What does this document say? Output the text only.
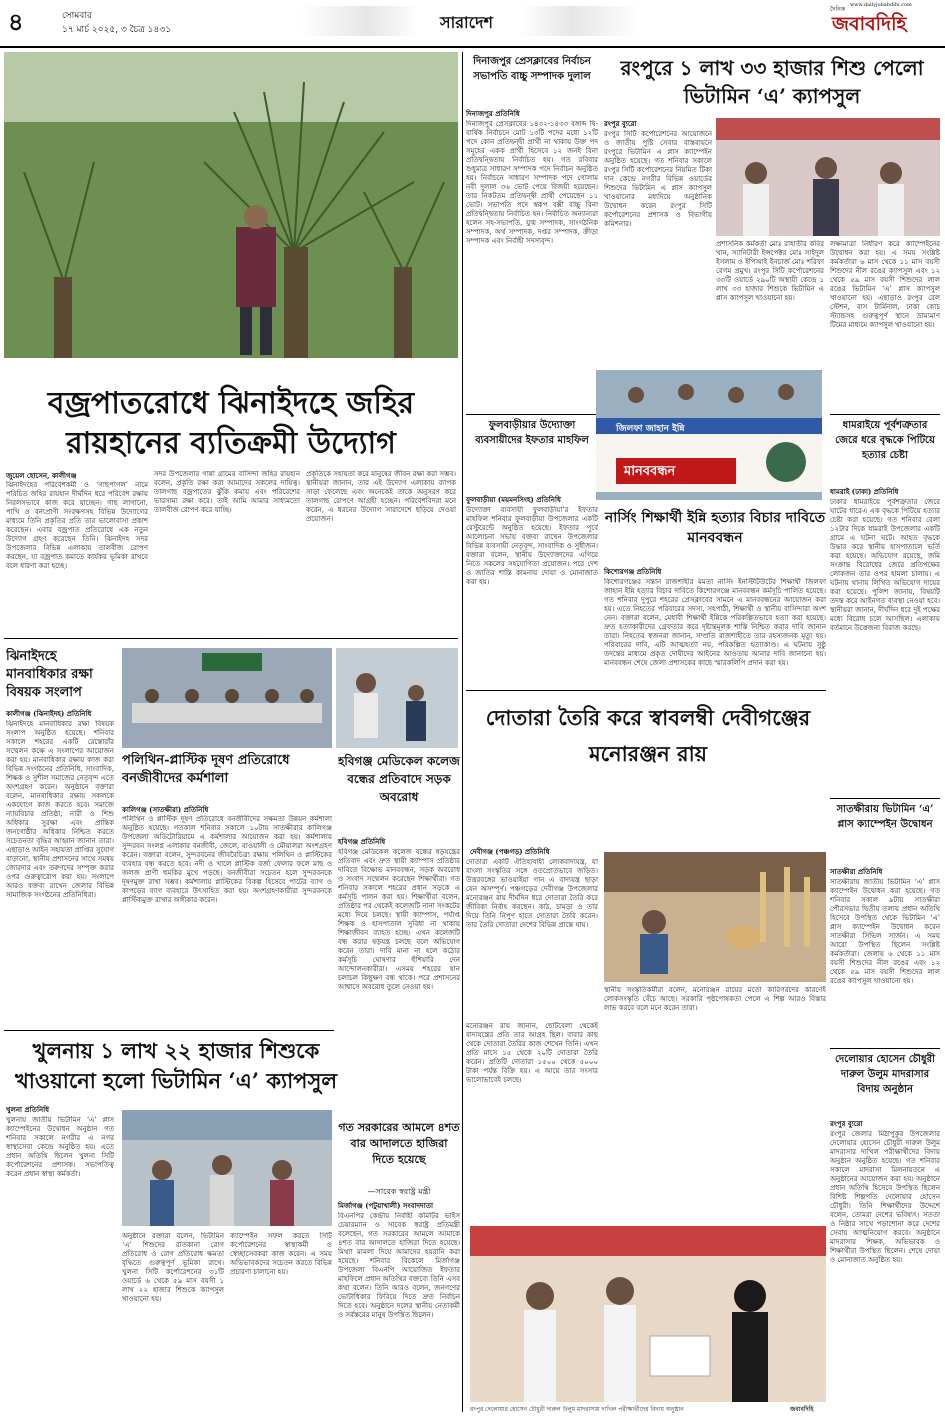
৪	সোমবার
১৭ মার্চ ২০২৫, ৩ চৈত্র ১৪৩১	সারাদেশ
দৈনিক
জবাবদিহি
www.dailyjobabdihi.com
বজ্রপাতরোধে ঝিনাইদহে জহির রায়হানের ব্যতিক্রমী উদ্যোগ
জুয়েল হোসেন, কালীগঞ্জ
ঝিনাইদহের পরিবেশকর্মী ও ‘গাছপাগল’ নামে পরিচিত জহির রায়হান দীর্ঘদিন ধরে পরিবেশ রক্ষায় নিরলসভাবে কাজ করে যাচ্ছেন। গাছ লাগানো, পাখি ও বন্যপ্রাণী সংরক্ষণসহ বিভিন্ন উদ্যোগের মাধ্যমে তিনি প্রকৃতির প্রতি তার ভালোবাসা প্রকাশ করেছেন। এবার বজ্রপাত প্রতিরোধে এক নতুন উদ্যোগ গ্রহণ করেছেন তিনি। ঝিনাইদহ সদর উপজেলার বিভিন্ন এলাকায় তালবীজ রোপণ করছেন, যা বজ্রপাত কমাতে কার্যকর ভূমিকা রাখবে বলে ধারণা করা হচ্ছে।
সদর উপজেলার গান্না গ্রামের বাসিন্দা জহির রায়হান বলেন, প্রকৃতি রক্ষা করা আমাদের সকলের দায়িত্ব। তালগাছ বজ্রপাতের ঝুঁকি কমায় এবং পরিবেশের ভারসাম্য রক্ষা করে। তাই আমি আমার সাধ্যমতো তালবীজ রোপণ করে যাচ্ছি।
প্রকৃতিকে সহায়তা করে মানুষের জীবন রক্ষা করা সম্ভব। স্থানীয়রা জানান, তার এই উদ্যোগ এলাকায় ব্যাপক সাড়া ফেলেছে এবং অনেকেই তাকে অনুসরণ করে তালগাছ রোপণে আগ্রহী হচ্ছেন। পরিবেশবিদরা মনে করেন, এ ধরনের উদ্যোগ সারাদেশে ছড়িয়ে দেওয়া প্রয়োজন।
ঝিনাইদহে মানবাধিকার রক্ষা বিষয়ক সংলাপ
কালীগঞ্জ (ঝিনাইদহ) প্রতিনিধি
ঝিনাইদহে মানবাধিকার রক্ষা বিষয়ক সংলাপ অনুষ্ঠিত হয়েছে। শনিবার সকালে শহরের একটি রেস্তোরাঁর সম্মেলন কক্ষে এ সংলাপের আয়োজন করা হয়। মানবাধিকার রক্ষায় কাজ করা বিভিন্ন সংগঠনের প্রতিনিধি, সাংবাদিক, শিক্ষক ও সুশীল সমাজের নেতৃবৃন্দ এতে অংশগ্রহণ করেন। অনুষ্ঠানে বক্তারা বলেন, মানবাধিকার রক্ষায় সকলকে একযোগে কাজ করতে হবে। সমাজে ন্যায়বিচার প্রতিষ্ঠা, নারী ও শিশু অধিকার সুরক্ষা এবং প্রান্তিক জনগোষ্ঠীর অধিকার নিশ্চিত করতে সচেতনতা বৃদ্ধির আহ্বান জানান তারা। এছাড়াও আইন সহায়তা প্রাপ্তির সুযোগ বাড়ানো, স্থানীয় প্রশাসনের সাথে সমন্বয় জোরদার এবং তরুণদের সম্পৃক্ত করার ওপর গুরুত্বারোপ করা হয়। সংলাপে আরও বক্তব্য রাখেন জেলার বিভিন্ন সামাজিক সংগঠনের প্রতিনিধিরা।
পলিথিন-প্লাস্টিক দূষণ প্রতিরোধে বনজীবীদের কর্মশালা
কালিগঞ্জ (সাতক্ষীরা) প্রতিনিধি
পলিথিন ও প্লাস্টিক দূষণ প্রতিরোধে বনজীবীদের সক্ষমতা উন্নয়ন কর্মশালা অনুষ্ঠিত হয়েছে। গতকাল শনিবার সকালে ১০টায় সাতক্ষীরার কালিগঞ্জ উপজেলা অডিটোরিয়ামে এ কর্মশালার আয়োজন করা হয়। কর্মশালায় সুন্দরবন সংলগ্ন এলাকার বনজীবী, জেলে, বাওয়ালী ও মৌয়ালরা অংশগ্রহণ করেন। বক্তারা বলেন, সুন্দরবনের জীববৈচিত্র্য রক্ষায় পলিথিন ও প্লাস্টিকের ব্যবহার বন্ধ করতে হবে। নদী ও খালে প্লাস্টিক বর্জ্য ফেলার ফলে মাছ ও জলজ প্রাণী হুমকির মুখে পড়ছে। বনজীবীরা সচেতন হলে সুন্দরবনকে দূষণমুক্ত রাখা সম্ভব। কর্মশালায় প্লাস্টিকের বিকল্প হিসেবে পাটের ব্যাগ ও কাপড়ের ব্যাগ ব্যবহারে উৎসাহিত করা হয়। অংশগ্রহণকারীরা সুন্দরবনকে প্লাস্টিকমুক্ত রাখার অঙ্গীকার করেন।
হবিগঞ্জ মেডিকেল কলেজ বন্ধের প্রতিবাদে সড়ক অবরোধ
হবিগঞ্জ প্রতিনিধি
হবিগঞ্জ মেডিকেল কলেজ বন্ধের ষড়যন্ত্রের প্রতিবাদ এবং দ্রুত স্থায়ী ক্যাম্পাস প্রতিষ্ঠার দাবিতে বিক্ষোভ মানববন্ধন, সড়ক অবরোধ ও সংবাদ সম্মেলন করেছেন শিক্ষার্থীরা। গত শনিবার সকালে শহরের প্রধান সড়কে এ কর্মসূচি পালন করা হয়। শিক্ষার্থীরা বলেন, প্রতিষ্ঠার পর থেকেই কলেজটি নানা সংকটের মধ্যে দিয়ে চলছে। স্থায়ী ক্যাম্পাস, পর্যাপ্ত শিক্ষক ও হাসপাতাল সুবিধা না থাকায় শিক্ষাজীবন ব্যাহত হচ্ছে। এখন কলেজটি বন্ধ করার ষড়যন্ত্র চলছে বলে অভিযোগ করেন তারা। দাবি মানা না হলে কঠোর কর্মসূচি ঘোষণার হুঁশিয়ারি দেন আন্দোলনকারীরা। এসময় শহরের যান চলাচল কিছুক্ষণ বন্ধ থাকে। পরে প্রশাসনের আশ্বাসে অবরোধ তুলে নেওয়া হয়।
খুলনায় ১ লাখ ২২ হাজার শিশুকে খাওয়ানো হলো ভিটামিন ‘এ’ ক্যাপসুল
খুলনা প্রতিনিধি
খুলনায় জাতীয় ভিটামিন ‘এ’ প্লাস ক্যাম্পেইনের উদ্বোধন অনুষ্ঠান গত শনিবার সকালে নগরীর এ নগর স্বাস্থ্যসেবা কেন্দ্রে অনুষ্ঠিত হয়। এতে প্রধান অতিথি ছিলেন খুলনা সিটি কর্পোরেশনের প্রশাসক। সভাপতিত্ব করেন প্রধান স্বাস্থ্য কর্মকর্তা।
অনুষ্ঠানে বক্তারা বলেন, ভিটামিন ‘এ’ শিশুদের রাতকানা রোগ প্রতিরোধ ও রোগ প্রতিরোধ ক্ষমতা বৃদ্ধিতে গুরুত্বপূর্ণ ভূমিকা রাখে। খুলনা সিটি কর্পোরেশনের ৩১টি ওয়ার্ডে ৬ থেকে ৫৯ মাস বয়সী ১ লাখ ২২ হাজার শিশুকে ক্যাপসুল খাওয়ানো হয়।
ক্যাম্পেইন সফল করতে সিটি কর্পোরেশনের স্বাস্থ্যকর্মী ও স্বেচ্ছাসেবকরা কাজ করেন। এ সময় অভিভাবকদের সচেতন করতে বিভিন্ন প্রচারণা চালানো হয়।
গত সরকারের আমলে ৪শত বার আদালতে হাজিরা দিতে হয়েছে
—সাবেক স্বরাষ্ট্র মন্ত্রী
মির্জাগঞ্জ (পটুয়াখালী) সংবাদদাতা
বিএনপির কেন্দ্রীয় নির্বাহী কমিটির ভাইস চেয়ারম্যান ও সাবেক স্বরাষ্ট্র প্রতিমন্ত্রী বলেছেন, গত সরকারের আমলে আমাকে ৪শত বার আদালতে হাজিরা দিতে হয়েছে। মিথ্যা মামলা দিয়ে আমাদের হয়রানি করা হয়েছে। শনিবার বিকেলে মির্জাগঞ্জ উপজেলা বিএনপি আয়োজিত ইফতার মাহফিলে প্রধান অতিথির বক্তব্যে তিনি এসব কথা বলেন। তিনি আরও বলেন, জনগণের ভোটাধিকার ফিরিয়ে দিতে দ্রুত নির্বাচন দিতে হবে। অনুষ্ঠানে দলের স্থানীয় নেতাকর্মী ও সর্বস্তরের মানুষ উপস্থিত ছিলেন।
দিনাজপুর প্রেসক্লাবের নির্বাচন সভাপতি বাচ্চু সম্পাদক দুলাল
দিনাজপুর প্রতিনিধি
দিনাজপুর প্রেসক্লাবের ১৪৩২-১৪৩৩ বঙ্গাব্দ দ্বি-বার্ষিক নির্বাচনে মোট ১৩টি পদের মধ্যে ১২টি পদে কোন প্রতিদ্বন্দ্বী প্রার্থী না থাকায় উক্ত পদ সমূহের একক প্রার্থী হিসেবে ১২ জনই বিনা প্রতিদ্বন্দ্বিতায় নির্বাচিত হয়। গত রবিবার শুধুমাত্র সাধারণ সম্পাদক পদে নির্বাচন অনুষ্ঠিত হয়। নির্বাচনে সাধারণ সম্পাদক পদে গোলাম নবী দুলাল ৩৬ ভোট পেয়ে বিজয়ী হয়েছেন। তার নিকটতম প্রতিদ্বন্দ্বী প্রার্থী পেয়েছেন ১১ ভোট। সভাপতি পদে স্বরূপ বক্সী বাচ্চু বিনা প্রতিদ্বন্দ্বিতায় নির্বাচিত হন। নির্বাচিত অন্যান্যরা হলেন সহ-সভাপতি, যুগ্ম সম্পাদক, সাংগঠনিক সম্পাদক, অর্থ সম্পাদক, দপ্তর সম্পাদক, ক্রীড়া সম্পাদক এবং নির্বাহী সদস্যবৃন্দ।
রংপুরে ১ লাখ ৩৩ হাজার শিশু পেলো ভিটামিন ‘এ’ ক্যাপসুল
রংপুর ব্যুরো
রংপুর সিটি কর্পোরেশনের আয়োজনে ও জাতীয় পুষ্টি সেবার বাস্তবায়নে রংপুরে ভিটামিন এ প্লাস ক্যাম্পেইন অনুষ্ঠিত হয়েছে। গত শনিবার সকালে রংপুর সিটি কর্পোরেশনের নিয়মিত টিকা দান কেন্দ্রে নগরীর বিভিন্ন ওয়ার্ডের শিশুদের ভিটামিন এ প্লাস ক্যাপসুল খাওয়ানোর মধ্যদিয়ে অনুষ্ঠানিক উদ্বোধন করেন রংপুর সিটি কর্পোরেশনের প্রশাসক ও বিভাগীয় কমিশনার।
প্রশাসনিক কর্মকর্তা মোঃ রাহাতীর কবির খান, স্যানিটারী ইন্সপেক্টর মোঃ সাইদুল ইসলাম ও ইপিআই ইনচার্জ মোঃ শরিফা বেগম প্রমুখ। রংপুর সিটি কর্পোরেশনের ৩৩টি ওয়ার্ডে ২৯০টি অস্থায়ী কেন্দ্রে ১ লাখ ৩৩ হাজার শিশুকে ভিটামিন এ প্লাস ক্যাপসুল খাওয়ানো হয়।
লক্ষ্যমাত্রা নির্ধারণ করে ক্যাম্পেইনের উদ্বোধন করা হয়। এ সময় সংশ্লিষ্ট কর্মকর্তারা ৬ মাস থেকে ১১ মাস বয়সী শিশুদের নীল রঙের ক্যাপসুল এবং ১২ থেকে ৫৯ মাস বয়সী শিশুদের লাল রঙের ভিটামিন ‘এ’ প্লাস ক্যাপসুল খাওয়ানো হয়। এছাড়াও রংপুর রেল স্টেশন, বাস টার্মিনাল, ঢাকা কোচ স্ট্যান্ডসহ গুরুত্বপূর্ণ স্থানে ভ্রাম্যমাণ টিমের মাধ্যমে ক্যাপসুল খাওয়ানো হয়।
ফুলবাড়ীয়ার উদ্যোক্তা ব্যবসায়ীদের ইফতার মাহফিল
ফুলবাড়ীয়া (ময়মনসিংহ) প্রতিনিধি
উদ্যোক্তা ব্যবসায়ী ফুলবাড়ীয়া’র ইফতার মাহফিল শনিবার ফুলবাড়ীয়া উপজেলার একটি রেস্টুরেন্টে অনুষ্ঠিত হয়েছে। ইফতার পূর্বে আলোচনা সভায় বক্তব্য রাখেন উপজেলার বিভিন্ন ব্যবসায়ী নেতৃবৃন্দ, সাংবাদিক ও সুধীজন। বক্তারা বলেন, স্থানীয় উদ্যোক্তাদের এগিয়ে নিতে সকলের সহযোগিতা প্রয়োজন। পরে দেশ ও জাতির শান্তি কামনায় দোয়া ও মোনাজাত করা হয়।
জিলফা জাহান ইন্নি
মানববন্ধন
ধামরাইয়ে পূর্বশত্রুতার জেরে ধরে বৃদ্ধকে পিটিয়ে হত্যার চেষ্টা
ধামরাই (ঢাকা) প্রতিনিধি
ঢাকার ধামরাইয়ে পূর্বশত্রুতার জেরে ঘাটের ধারেএ এক বৃদ্ধকে পিটিয়ে হত্যার চেষ্টা করা হয়েছে। গত শনিবার বেলা ১২টার দিকে ধামরাই উপজেলার একটি গ্রামে এ ঘটনা ঘটে। আহত বৃদ্ধকে উদ্ধার করে স্থানীয় হাসপাতালে ভর্তি করা হয়েছে। অভিযোগ রয়েছে, জমি সংক্রান্ত বিরোধের জেরে প্রতিপক্ষের লোকজন তার ওপর হামলা চালায়। এ ঘটনায় থানায় লিখিত অভিযোগ দায়ের করা হয়েছে। পুলিশ জানায়, বিষয়টি তদন্ত করে আইনগত ব্যবস্থা নেওয়া হবে। স্থানীয়রা জানান, দীর্ঘদিন ধরে দুই পক্ষের মধ্যে বিরোধ চলে আসছিল। এলাকায় বর্তমানে উত্তেজনা বিরাজ করছে।
নার্সিং শিক্ষার্থী ইন্নি হত্যার বিচার দাবিতে মানববন্ধন
কিশোরগঞ্জ প্রতিনিধি
কিশোরগঞ্জের সন্তান রাজশাহীর মমতা নার্সিং ইনস্টিটিউটের শিক্ষার্থী জিলফা জাহান ইন্নি হত্যার বিচার দাবিতে কিশোরগঞ্জে মানববন্ধন কর্মসূচি পালিত হয়েছে। গত শনিবার দুপুরে শহরের প্রেসক্লাবের সামনে এ মানববন্ধনের আয়োজন করা হয়। এতে নিহতের পরিবারের সদস্য, সহপাঠী, শিক্ষার্থী ও স্থানীয় বাসিন্দারা অংশ নেন। বক্তারা বলেন, মেধাবী শিক্ষার্থী ইন্নিকে পরিকল্পিতভাবে হত্যা করা হয়েছে। দ্রুত হত্যাকারীদের গ্রেফতার করে দৃষ্টান্তমূলক শাস্তি নিশ্চিত করার দাবি জানান তারা। নিহতের স্বজনরা জানান, সম্প্রতি রাজশাহীতে তার রহস্যজনক মৃত্যু হয়। পরিবারের দাবি, এটি আত্মহত্যা নয়, পরিকল্পিত হত্যাকাণ্ড। এ ঘটনায় সুষ্ঠু তদন্তের মাধ্যমে প্রকৃত দোষীদের আইনের আওতায় আনার দাবি জানানো হয়। মানববন্ধন শেষে জেলা প্রশাসকের কাছে স্মারকলিপি প্রদান করা হয়।
দোতারা তৈরি করে স্বাবলম্বী দেবীগঞ্জের মনোরঞ্জন রায়
দেবীগঞ্জ (পঞ্চগড়) প্রতিনিধি
দোতারা একটি ঐতিহ্যবাহী লোকবাদ্যযন্ত্র, যা বাংলা সংস্কৃতির সঙ্গে ওতপ্রোতভাবে জড়িত। উত্তরবঙ্গের ভাওয়াইয়া গান এ বাদ্যযন্ত্র ছাড়া যেন অসম্পূর্ণ। পঞ্চগড়ের দেবীগঞ্জ উপজেলার মনোরঞ্জন রায় দীর্ঘদিন ধরে দোতারা তৈরি করে জীবিকা নির্বাহ করছেন। কাঠ, চামড়া ও তার দিয়ে তিনি নিপুণ হাতে দোতারা তৈরি করেন। তার তৈরি দোতারা দেশের বিভিন্ন প্রান্তে যায়।
মনোরঞ্জন রায় জানান, ছোটবেলা থেকেই বাদ্যযন্ত্রের প্রতি তার আগ্রহ ছিল। বাবার কাছ থেকে দোতারা তৈরির কাজ শেখেন তিনি। এখন প্রতি মাসে ১৫ থেকে ২০টি দোতারা তৈরি করেন। প্রতিটি দোতারা ১৫০০ থেকে ৫০০০ টাকা পর্যন্ত বিক্রি হয়। এ আয়ে তার সংসার ভালোভাবেই চলছে।
স্থানীয় সংস্কৃতিকর্মীরা বলেন, মনোরঞ্জন রায়ের মতো কারিগরদের কারণেই লোকসংস্কৃতি বেঁচে আছে। সরকারি পৃষ্ঠপোষকতা পেলে এ শিল্প আরও বিস্তার লাভ করবে বলে মনে করেন তারা।
সাতক্ষীরায় ভিটামিন ‘এ’ প্লাস ক্যাম্পেইন উদ্বোধন
সাতক্ষীরা প্রতিনিধি
সাতক্ষীরায় জাতীয় ভিটামিন ‘এ’ প্লাস ক্যাম্পেইন উদ্বোধন করা হয়েছে। গত শনিবার সকাল ৯টায় সাতক্ষীরা পৌরসভার দ্বিতীয় তলায় প্রধান অতিথি হিসেবে উপস্থিত থেকে ভিটামিন ‘এ’ প্লাস ক্যাম্পেইন উদ্বোধন করেন সাতক্ষীরা সিভিল সার্জন। এ সময় আরো উপস্থিত ছিলেন সংশ্লিষ্ট কর্মকর্তারা। জেলায় ৬ থেকে ১১ মাস বয়সী শিশুদের নীল রঙের এবং ১২ থেকে ৫৯ মাস বয়সী শিশুদের লাল রঙের ক্যাপসুল খাওয়ানো হয়।
দেলোয়ার হোসেন চৌধুরী দারুল উলুম মাদরাসার বিদায় অনুষ্ঠান
রংপুর ব্যুরো
রংপুর জেলার মিঠাপুকুর উপজেলার দেলোয়ার হোসেন চৌধুরী দারুল উলুম মাদরাসার দাখিল পরীক্ষার্থীদের বিদায় অনুষ্ঠান অনুষ্ঠিত হয়েছে। গত শনিবার সকালে মাদরাসা মিলনায়তনে এ অনুষ্ঠানের আয়োজন করা হয়। অনুষ্ঠানে প্রধান অতিথি হিসেবে উপস্থিত ছিলেন বিশিষ্ট শিল্পপতি দেলোয়ার হোসেন চৌধুরী। তিনি শিক্ষার্থীদের উদ্দেশে বলেন, তোমরা দেশের ভবিষ্যৎ। সততা ও নিষ্ঠার সাথে পড়াশোনা করে দেশের সেবায় আত্মনিয়োগ করবে। অনুষ্ঠানে মাদরাসার শিক্ষক, অভিভাবক ও শিক্ষার্থীরা উপস্থিত ছিলেন। শেষে দোয়া ও মোনাজাত অনুষ্ঠিত হয়।
রংপুর দেলোয়ার হোসেন চৌধুরী দারুল উলুম মাদরাসায় দাখিল পরীক্ষার্থীদের বিদায় অনুষ্ঠান	জবাবদিহি
